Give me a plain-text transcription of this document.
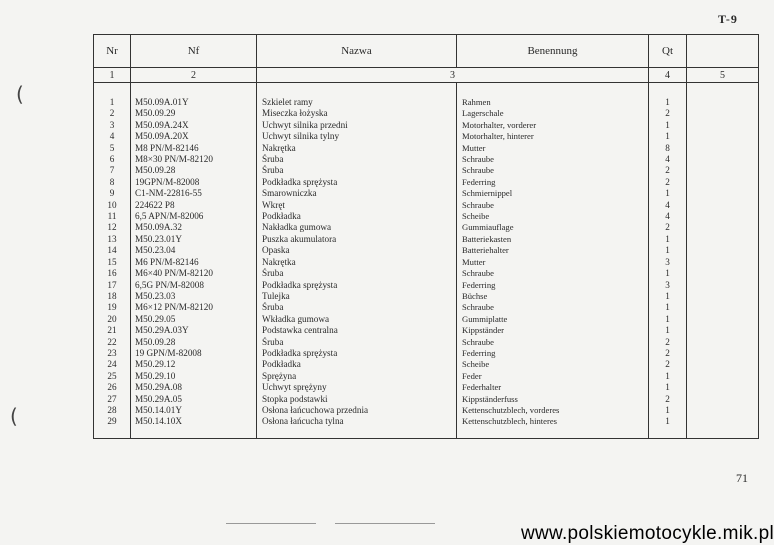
T-9
(
(
Nr	Nf	Nazwa	Benennung	Qt	
1	2	3		4	5

1	M50.09A.01Y	Szkielet ramy	Rahmen	1	
2	M50.09.29	Miseczka łożyska	Lagerschale	2	
3	M50.09A.24X	Uchwyt silnika przedni	Motorhalter, vorderer	1	
4	M50.09A.20X	Uchwyt silnika tylny	Motorhalter, hinterer	1	
5	M8 PN/M-82146	Nakrętka	Mutter	8	
6	M8×30 PN/M-82120	Śruba	Schraube	4	
7	M50.09.28	Śruba	Schraube	2	
8	19GPN/M-82008	Podkładka sprężysta	Federring	2	
9	C1-NM-22816-55	Smarowniczka	Schmiernippel	1	
10	224622 P8	Wkręt	Schraube	4	
11	6,5 APN/M-82006	Podkładka	Scheibe	4	
12	M50.09A.32	Nakładka gumowa	Gummiauflage	2	
13	M50.23.01Y	Puszka akumulatora	Batteriekasten	1	
14	M50.23.04	Opaska	Batteriehalter	1	
15	M6 PN/M-82146	Nakrętka	Mutter	3	
16	M6×40 PN/M-82120	Śruba	Schraube	1	
17	6,5G PN/M-82008	Podkładka sprężysta	Federring	3	
18	M50.23.03	Tulejka	Büchse	1	
19	M6×12 PN/M-82120	Śruba	Schraube	1	
20	M50.29.05	Wkładka gumowa	Gummiplatte	1	
21	M50.29A.03Y	Podstawka centralna	Kippständer	1	
22	M50.09.28	Śruba	Schraube	2	
23	19 GPN/M-82008	Podkładka sprężysta	Federring	2	
24	M50.29.12	Podkładka	Scheibe	2	
25	M50.29.10	Sprężyna	Feder	1	
26	M50.29A.08	Uchwyt sprężyny	Federhalter	1	
27	M50.29A.05	Stopka podstawki	Kippständerfuss	2	
28	M50.14.01Y	Osłona łańcuchowa przednia	Kettenschutzblech, vorderes	1	
29	M50.14.10X	Osłona łańcucha tylna	Kettenschutzblech, hinteres	1	

71
www.polskiemotocykle.mik.pl
